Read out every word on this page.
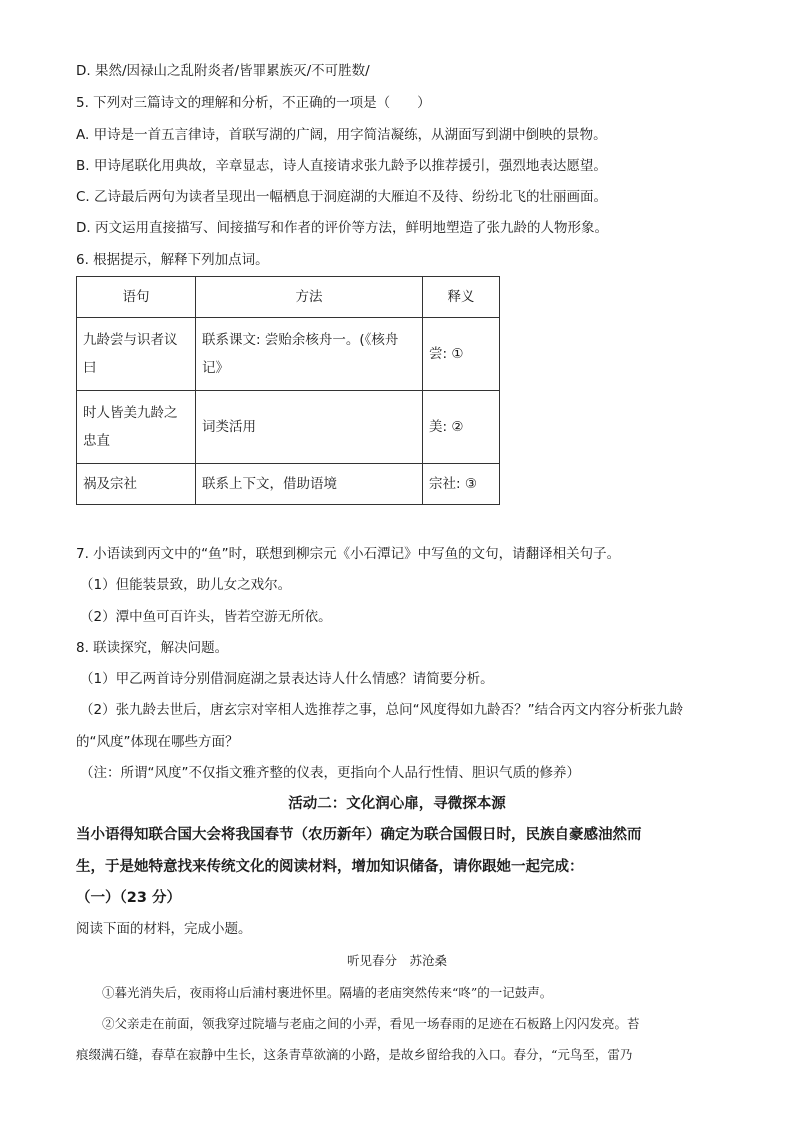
D. 果然/因禄山之乱附炎者/皆罪累族灭/不可胜数/
5. 下列对三篇诗文的理解和分析，不正确的一项是（　　）
A. 甲诗是一首五言律诗，首联写湖的广阔，用字简洁凝练，从湖面写到湖中倒映的景物。
B. 甲诗尾联化用典故，辛章显志，诗人直接请求张九龄予以推荐援引，强烈地表达愿望。
C. 乙诗最后两句为读者呈现出一幅栖息于洞庭湖的大雁迫不及待、纷纷北飞的壮丽画面。
D. 丙文运用直接描写、间接描写和作者的评价等方法，鲜明地塑造了张九龄的人物形象。
6. 根据提示，解释下列加点词。
语句	方法	释义
九龄尝与识者议曰	联系课文: 尝贻余核舟一。(《核舟记》	尝: ①
时人皆美九龄之忠直	词类活用	美: ②
祸及宗社	联系上下文，借助语境	宗社: ③
7. 小语读到丙文中的“鱼”时，联想到柳宗元《小石潭记》中写鱼的文句，请翻译相关句子。
（1）但能装景致，助儿女之戏尔。
（2）潭中鱼可百许头，皆若空游无所依。
8. 联读探究，解决问题。
（1）甲乙两首诗分别借洞庭湖之景表达诗人什么情感？请简要分析。
（2）张九龄去世后，唐玄宗对宰相人选推荐之事，总问“风度得如九龄否？”结合丙文内容分析张九龄
的“风度”体现在哪些方面？
（注：所谓“风度”不仅指文雅齐整的仪表，更指向个人品行性情、胆识气质的修养）
活动二：文化润心扉，寻微探本源
当小语得知联合国大会将我国春节（农历新年）确定为联合国假日时，民族自豪感油然而
生，于是她特意找来传统文化的阅读材料，增加知识储备，请你跟她一起完成：
（一）（23 分）
阅读下面的材料，完成小题。
听见春分　苏沧桑
①暮光消失后，夜雨将山后浦村裹进怀里。隔墙的老庙突然传来“咚”的一记鼓声。
②父亲走在前面，领我穿过院墙与老庙之间的小弄，看见一场春雨的足迹在石板路上闪闪发亮。苔
痕缀满石缝，春草在寂静中生长，这条青草欲滴的小路，是故乡留给我的入口。春分，“元鸟至，雷乃
